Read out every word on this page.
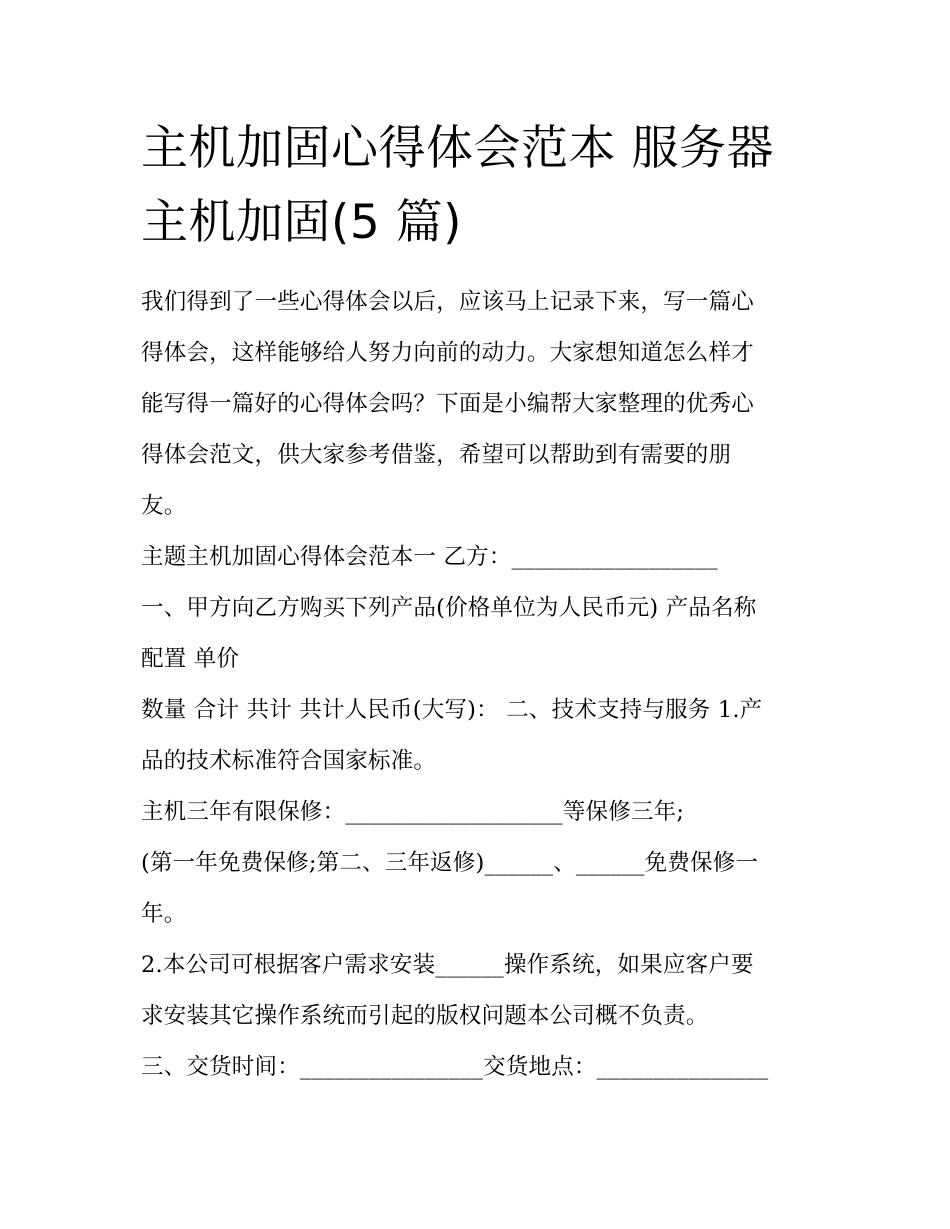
主机加固心得体会范本 服务器
主机加固(5 篇)

我们得到了一些心得体会以后，应该马上记录下来，写一篇心
得体会，这样能够给人努力向前的动力。大家想知道怎么样才
能写得一篇好的心得体会吗？下面是小编帮大家整理的优秀心
得体会范文，供大家参考借鉴，希望可以帮助到有需要的朋
友。

主题主机加固心得体会范本一 乙方：__________________
一、甲方向乙方购买下列产品(价格单位为人民币元) 产品名称
配置 单价
数量 合计 共计 共计人民币(大写)： 二、技术支持与服务 1.产
品的技术标准符合国家标准。
主机三年有限保修：___________________等保修三年;
(第一年免费保修;第二、三年返修)______、______免费保修一
年。
2.本公司可根据客户需求安装______操作系统，如果应客户要
求安装其它操作系统而引起的版权问题本公司概不负责。
三、交货时间：________________交货地点：_______________
